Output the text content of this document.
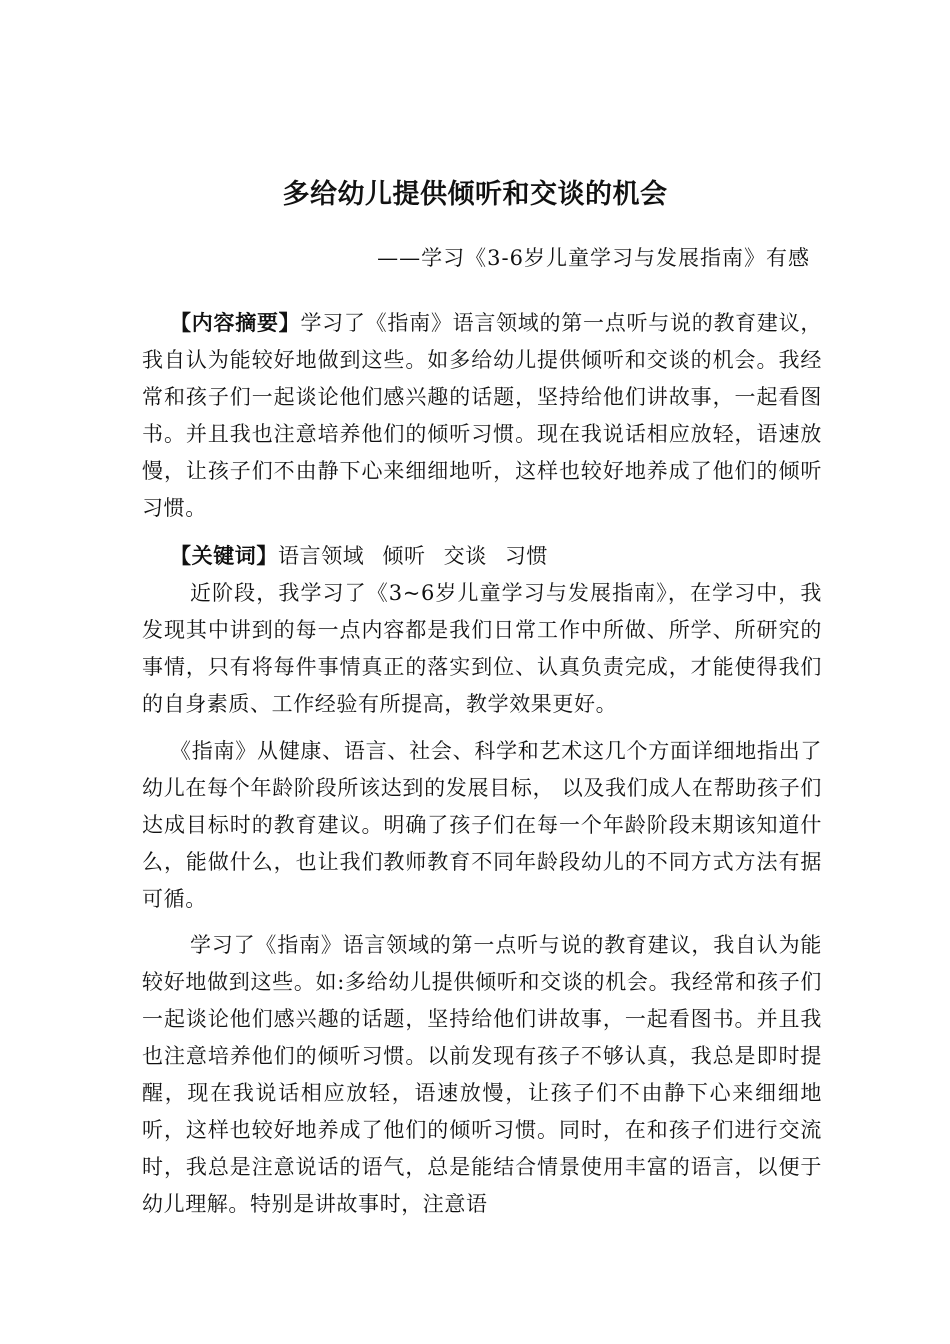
多给幼儿提供倾听和交谈的机会
——学习《3-6岁儿童学习与发展指南》有感
【内容摘要】学习了《指南》语言领域的第一点听与说的教育建议，我自认为能较好地做到这些。如多给幼儿提供倾听和交谈的机会。我经常和孩子们一起谈论他们感兴趣的话题，坚持给他们讲故事，一起看图书。并且我也注意培养他们的倾听习惯。现在我说话相应放轻，语速放慢，让孩子们不由静下心来细细地听，这样也较好地养成了他们的倾听习惯。
【关键词】语言领域 倾听 交谈 习惯
近阶段，我学习了《3~6岁儿童学习与发展指南》，在学习中，我发现其中讲到的每一点内容都是我们日常工作中所做、所学、所研究的事情，只有将每件事情真正的落实到位、认真负责完成，才能使得我们的自身素质、工作经验有所提高，教学效果更好。
《指南》从健康、语言、社会、科学和艺术这几个方面详细地指出了幼儿在每个年龄阶段所该达到的发展目标， 以及我们成人在帮助孩子们达成目标时的教育建议。明确了孩子们在每一个年龄阶段末期该知道什么，能做什么，也让我们教师教育不同年龄段幼儿的不同方式方法有据可循。
学习了《指南》语言领域的第一点听与说的教育建议，我自认为能较好地做到这些。如:多给幼儿提供倾听和交谈的机会。我经常和孩子们一起谈论他们感兴趣的话题，坚持给他们讲故事，一起看图书。并且我也注意培养他们的倾听习惯。以前发现有孩子不够认真，我总是即时提醒，现在我说话相应放轻，语速放慢，让孩子们不由静下心来细细地听，这样也较好地养成了他们的倾听习惯。同时，在和孩子们进行交流时，我总是注意说话的语气，总是能结合情景使用丰富的语言，以便于幼儿理解。特别是讲故事时，注意语
